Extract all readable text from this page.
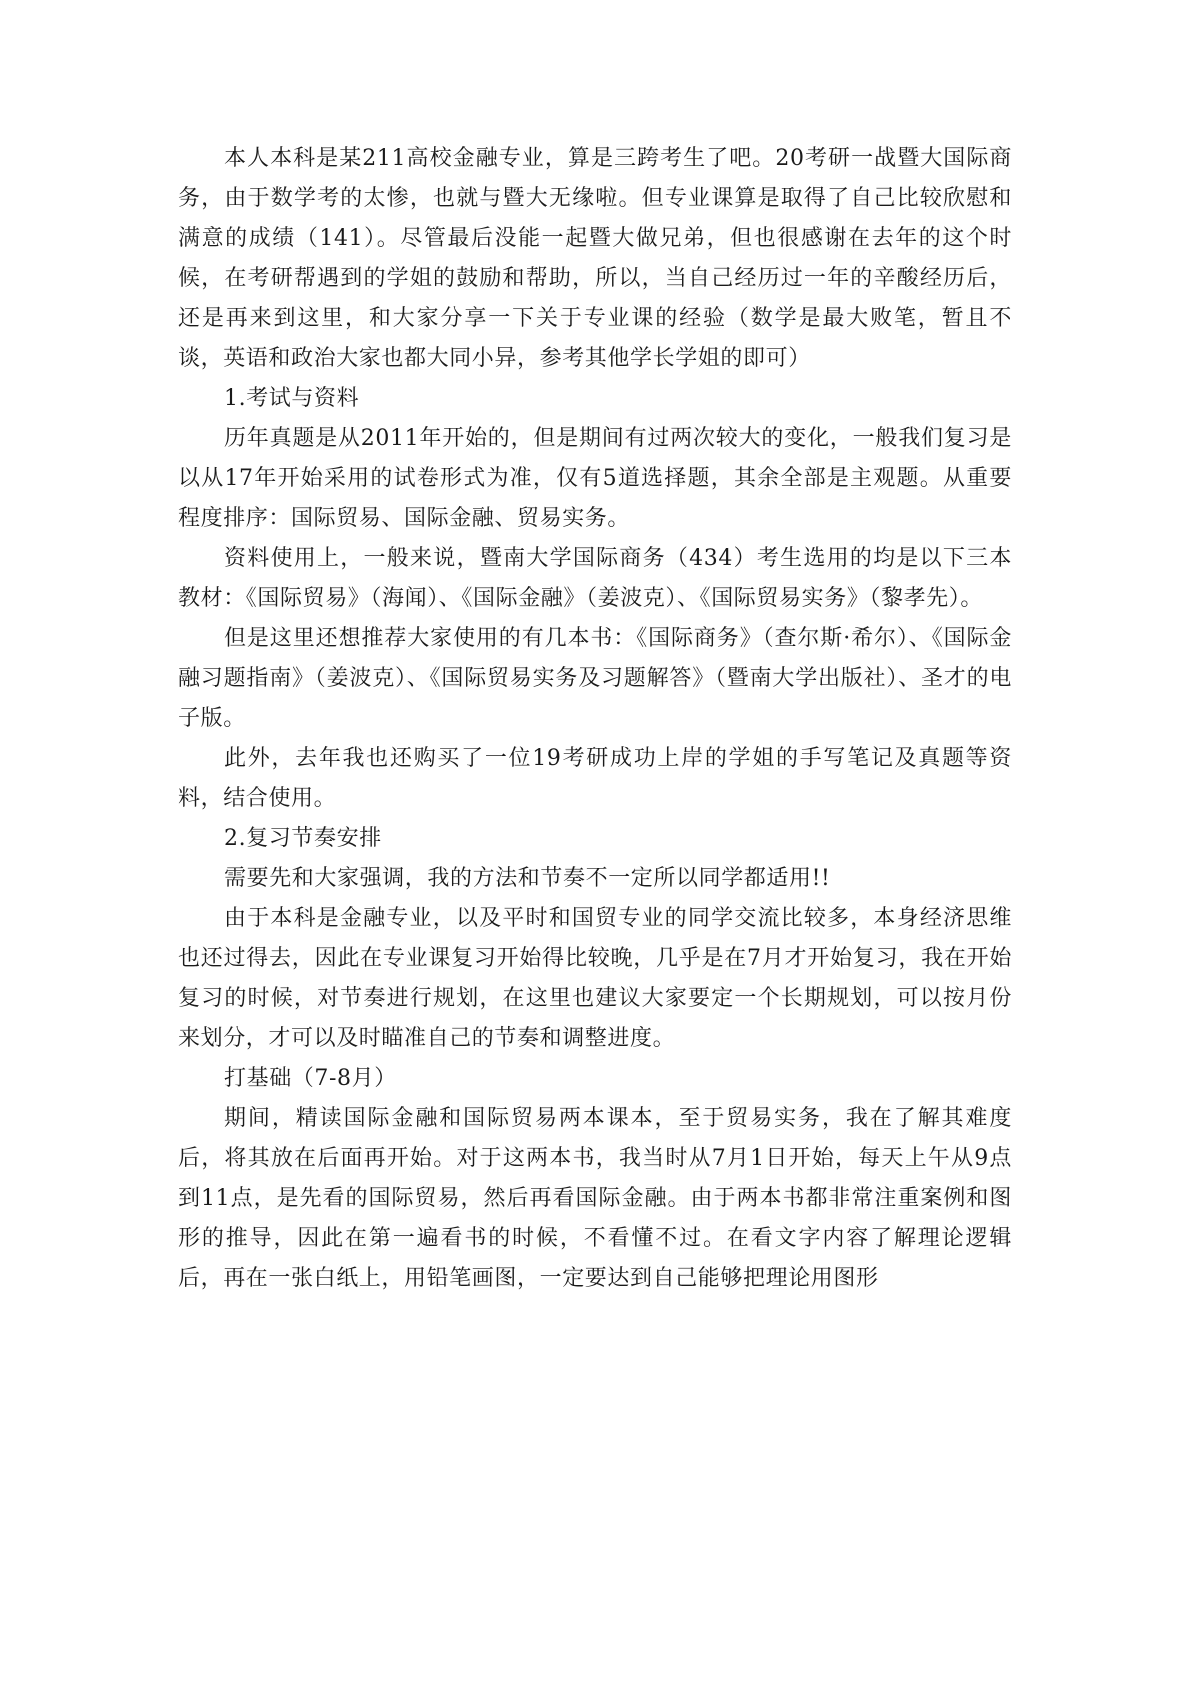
本人本科是某211高校金融专业，算是三跨考生了吧。20考研一战暨大国际商务，由于数学考的太惨，也就与暨大无缘啦。但专业课算是取得了自己比较欣慰和满意的成绩（141）。尽管最后没能一起暨大做兄弟，但也很感谢在去年的这个时候，在考研帮遇到的学姐的鼓励和帮助，所以，当自己经历过一年的辛酸经历后，还是再来到这里，和大家分享一下关于专业课的经验（数学是最大败笔，暂且不谈，英语和政治大家也都大同小异，参考其他学长学姐的即可）

1.考试与资料

历年真题是从2011年开始的，但是期间有过两次较大的变化，一般我们复习是以从17年开始采用的试卷形式为准，仅有5道选择题，其余全部是主观题。从重要程度排序：国际贸易、国际金融、贸易实务。

资料使用上，一般来说，暨南大学国际商务（434）考生选用的均是以下三本教材：《国际贸易》（海闻）、《国际金融》（姜波克）、《国际贸易实务》（黎孝先）。

但是这里还想推荐大家使用的有几本书：《国际商务》（查尔斯·希尔）、《国际金融习题指南》（姜波克）、《国际贸易实务及习题解答》（暨南大学出版社）、圣才的电子版。

此外，去年我也还购买了一位19考研成功上岸的学姐的手写笔记及真题等资料，结合使用。

2.复习节奏安排

需要先和大家强调，我的方法和节奏不一定所以同学都适用!!

由于本科是金融专业，以及平时和国贸专业的同学交流比较多，本身经济思维也还过得去，因此在专业课复习开始得比较晚，几乎是在7月才开始复习，我在开始复习的时候，对节奏进行规划，在这里也建议大家要定一个长期规划，可以按月份来划分，才可以及时瞄准自己的节奏和调整进度。

打基础（7-8月）

期间，精读国际金融和国际贸易两本课本，至于贸易实务，我在了解其难度后，将其放在后面再开始。对于这两本书，我当时从7月1日开始，每天上午从9点到11点，是先看的国际贸易，然后再看国际金融。由于两本书都非常注重案例和图形的推导，因此在第一遍看书的时候，不看懂不过。在看文字内容了解理论逻辑后，再在一张白纸上，用铅笔画图，一定要达到自己能够把理论用图形
